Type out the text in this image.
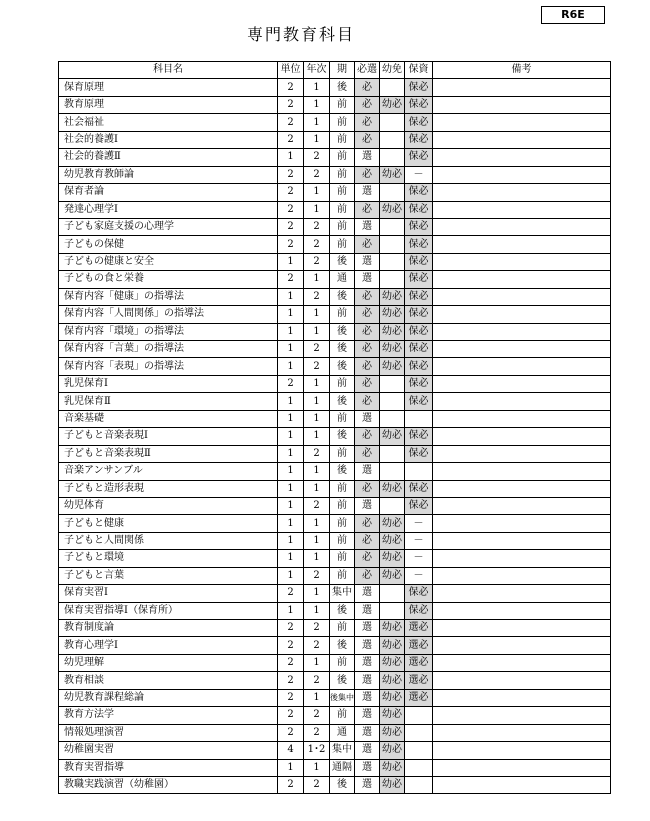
R6E
専門教育科目
科目名	単位	年次	期	必選	幼免	保資	備考
保育原理	2	1	後	必		保必	
教育原理	2	1	前	必	幼必	保必	
社会福祉	2	1	前	必		保必	
社会的養護Ⅰ	2	1	前	必		保必	
社会的養護Ⅱ	1	2	前	選		保必	
幼児教育教師論	2	2	前	必	幼必	－	
保育者論	2	1	前	選		保必	
発達心理学Ⅰ	2	1	前	必	幼必	保必	
子ども家庭支援の心理学	2	2	前	選		保必	
子どもの保健	2	2	前	必		保必	
子どもの健康と安全	1	2	後	選		保必	
子どもの食と栄養	2	1	通	選		保必	
保育内容「健康」の指導法	1	2	後	必	幼必	保必	
保育内容「人間関係」の指導法	1	1	前	必	幼必	保必	
保育内容「環境」の指導法	1	1	後	必	幼必	保必	
保育内容「言葉」の指導法	1	2	後	必	幼必	保必	
保育内容「表現」の指導法	1	2	後	必	幼必	保必	
乳児保育Ⅰ	2	1	前	必		保必	
乳児保育Ⅱ	1	1	後	必		保必	
音楽基礎	1	1	前	選			
子どもと音楽表現Ⅰ	1	1	後	必	幼必	保必	
子どもと音楽表現Ⅱ	1	2	前	必		保必	
音楽アンサンブル	1	1	後	選			
子どもと造形表現	1	1	前	必	幼必	保必	
幼児体育	1	2	前	選		保必	
子どもと健康	1	1	前	必	幼必	－	
子どもと人間関係	1	1	前	必	幼必	－	
子どもと環境	1	1	前	必	幼必	－	
子どもと言葉	1	2	前	必	幼必	－	
保育実習Ⅰ	2	1	集中	選		保必	
保育実習指導Ⅰ（保育所）	1	1	後	選		保必	
教育制度論	2	2	前	選	幼必	選必	
教育心理学Ⅰ	2	2	後	選	幼必	選必	
幼児理解	2	1	前	選	幼必	選必	
教育相談	2	2	後	選	幼必	選必	
幼児教育課程総論	2	1	後集中	選	幼必	選必	
教育方法学	2	2	前	選	幼必		
情報処理演習	2	2	通	選	幼必		
幼稚園実習	4	1･2	集中	選	幼必		
教育実習指導	1	1	通隔	選	幼必		
教職実践演習（幼稚園）	2	2	後	選	幼必		
